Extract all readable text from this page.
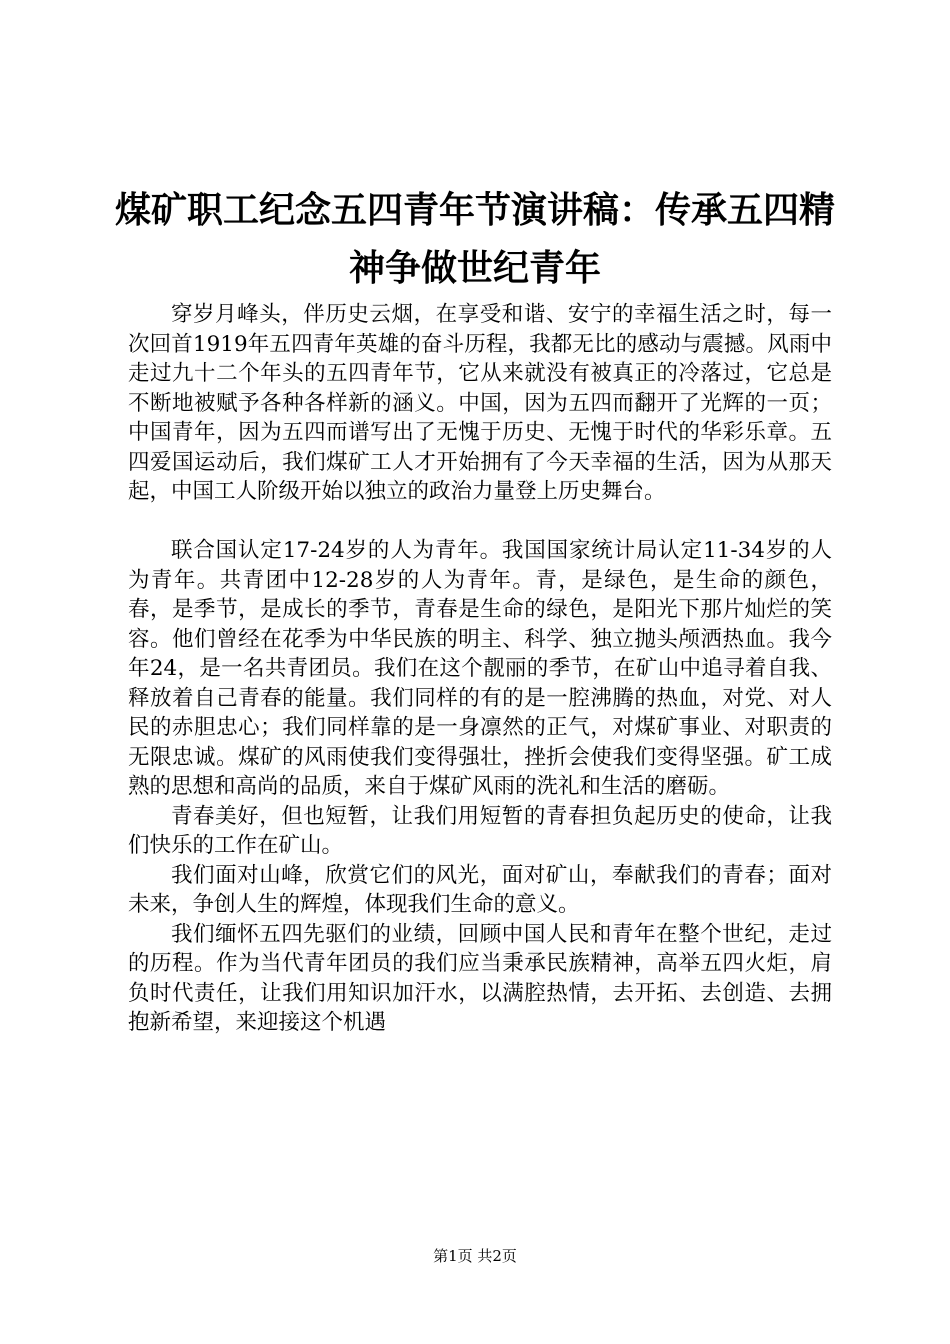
煤矿职工纪念五四青年节演讲稿：传承五四精
神争做世纪青年

穿岁月峰头，伴历史云烟，在享受和谐、安宁的幸福生活之时，每一次回首1919年五四青年英雄的奋斗历程，我都无比的感动与震撼。风雨中走过九十二个年头的五四青年节，它从来就没有被真正的冷落过，它总是不断地被赋予各种各样新的涵义。中国，因为五四而翻开了光辉的一页；中国青年，因为五四而谱写出了无愧于历史、无愧于时代的华彩乐章。五四爱国运动后，我们煤矿工人才开始拥有了今天幸福的生活，因为从那天起，中国工人阶级开始以独立的政治力量登上历史舞台。

联合国认定17-24岁的人为青年。我国国家统计局认定11-34岁的人为青年。共青团中12-28岁的人为青年。青，是绿色，是生命的颜色，春，是季节，是成长的季节，青春是生命的绿色，是阳光下那片灿烂的笑容。他们曾经在花季为中华民族的明主、科学、独立抛头颅洒热血。我今年24，是一名共青团员。我们在这个靓丽的季节，在矿山中追寻着自我、释放着自己青春的能量。我们同样的有的是一腔沸腾的热血，对党、对人民的赤胆忠心；我们同样靠的是一身凛然的正气，对煤矿事业、对职责的无限忠诚。煤矿的风雨使我们变得强壮，挫折会使我们变得坚强。矿工成熟的思想和高尚的品质，来自于煤矿风雨的洗礼和生活的磨砺。

青春美好，但也短暂，让我们用短暂的青春担负起历史的使命，让我们快乐的工作在矿山。

我们面对山峰，欣赏它们的风光，面对矿山，奉献我们的青春；面对未来，争创人生的辉煌，体现我们生命的意义。

我们缅怀五四先驱们的业绩，回顾中国人民和青年在整个世纪，走过的历程。作为当代青年团员的我们应当秉承民族精神，高举五四火炬，肩负时代责任，让我们用知识加汗水，以满腔热情，去开拓、去创造、去拥抱新希望，来迎接这个机遇

第1页 共2页
